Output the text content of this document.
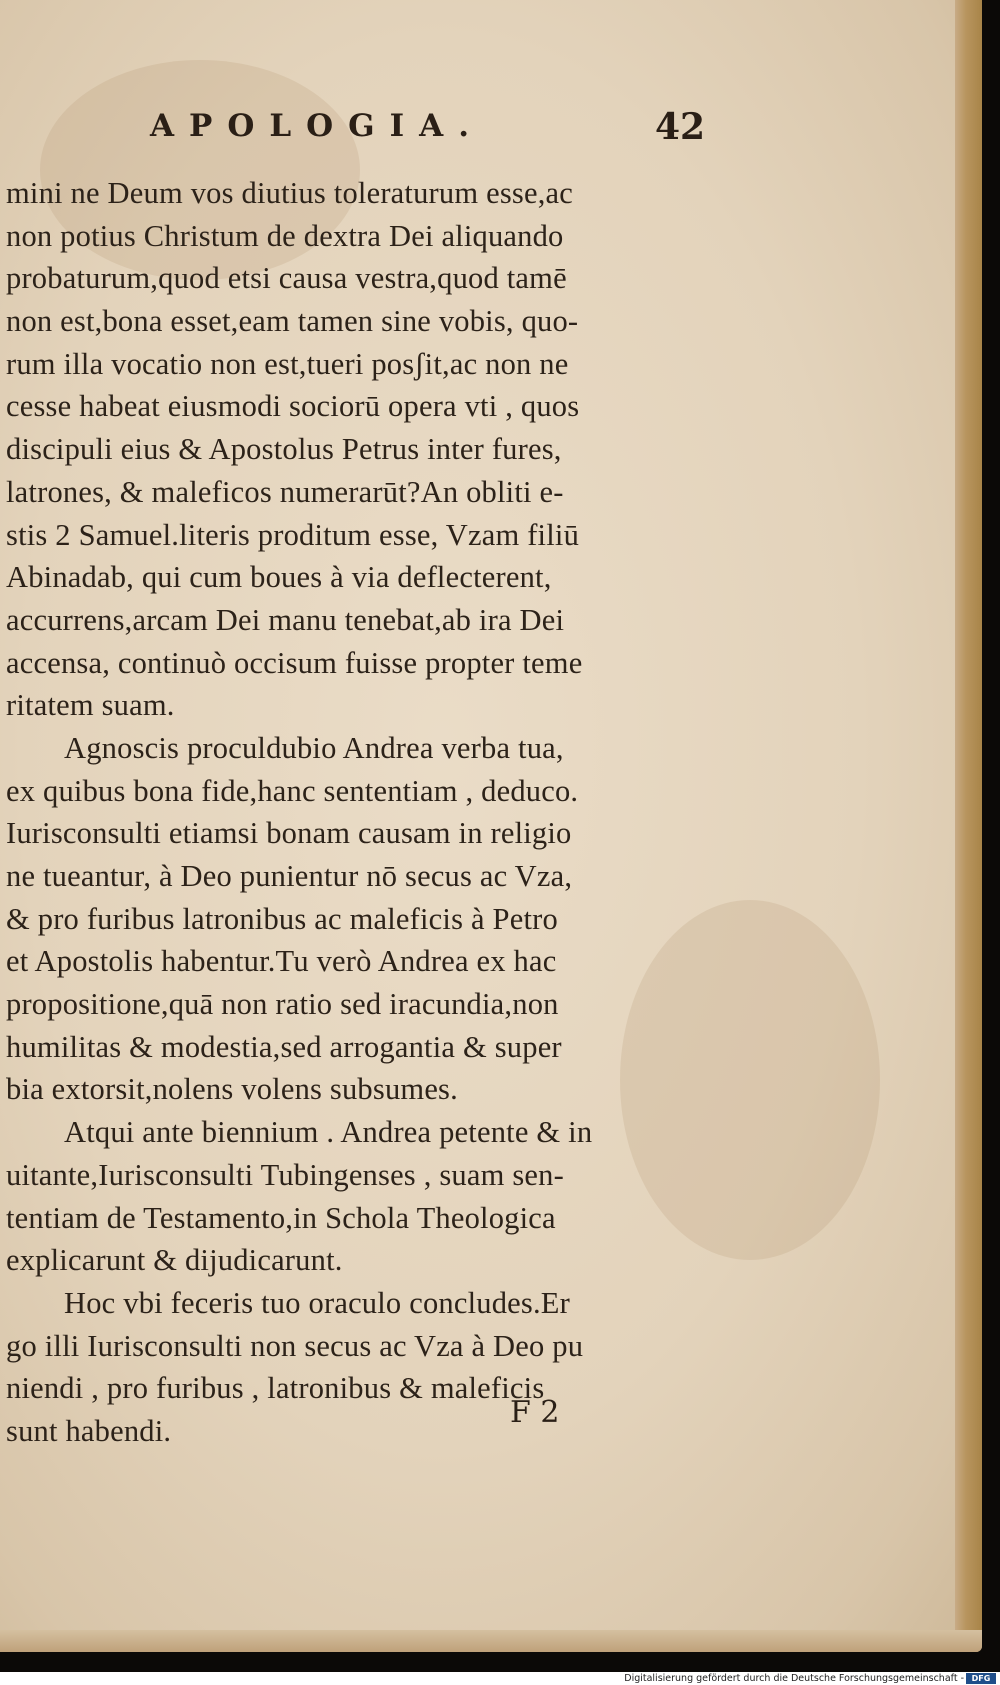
APOLOGIA.	42
mini ne Deum vos diutius toleraturum esse,ac
non potius Christum de dextra Dei aliquando
probaturum,quod etsi causa vestra,quod tamē
non est,bona esset,eam tamen sine vobis, quo-
rum illa vocatio non est,tueri posʃit,ac non ne
cesse habeat eiusmodi sociorū opera vti , quos
discipuli eius & Apostolus Petrus inter fures,
latrones, & maleficos numerarūt?An obliti e-
stis 2 Samuel.literis proditum esse, Vzam filiū
Abinadab, qui cum boues à via deflecterent,
accurrens,arcam Dei manu tenebat,ab ira Dei
accensa, continuò occisum fuisse propter teme
ritatem suam.
Agnoscis proculdubio Andrea verba tua,
ex quibus bona fide,hanc sententiam , deduco.
Iurisconsulti etiamsi bonam causam in religio
ne tueantur, à Deo punientur nō secus ac Vza,
& pro furibus latronibus ac maleficis à Petro
et Apostolis habentur.Tu verò Andrea ex hac
propositione,quā non ratio sed iracundia,non
humilitas & modestia,sed arrogantia & super
bia extorsit,nolens volens subsumes.
Atqui ante biennium . Andrea petente & in
uitante,Iurisconsulti Tubingenses , suam sen-
tentiam de Testamento,in Schola Theologica
explicarunt & dijudicarunt.
Hoc vbi feceris tuo oraculo concludes.Er
go illi Iurisconsulti non secus ac Vza à Deo pu
niendi , pro furibus , latronibus & maleficis
sunt habendi.
F 2
Digitalisierung gefördert durch die Deutsche Forschungsgemeinschaft - DFG
